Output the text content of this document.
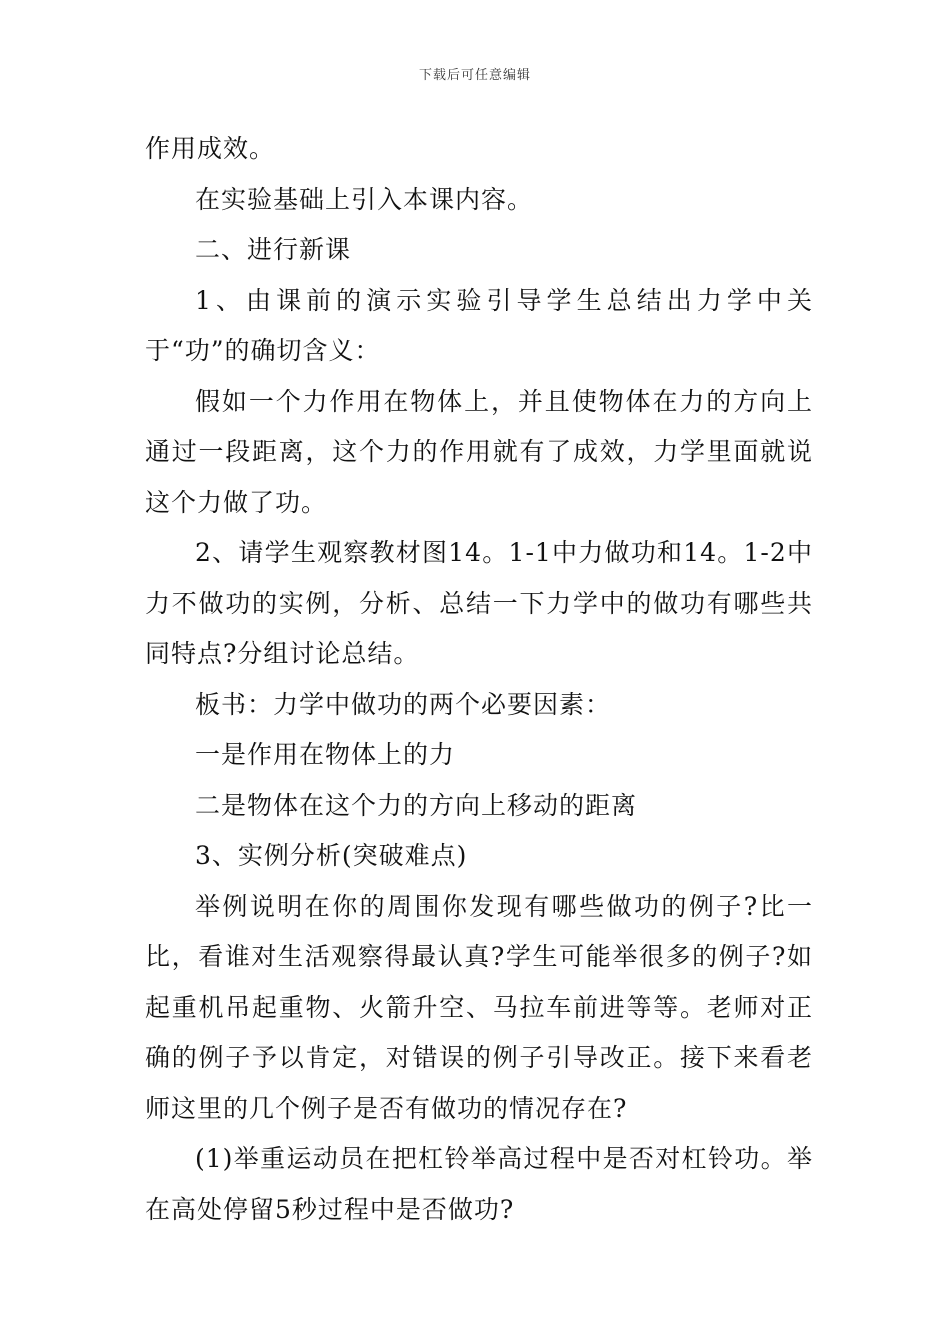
下载后可任意编辑

作用成效。

在实验基础上引入本课内容。

二、进行新课

1、由课前的演示实验引导学生总结出力学中关于“功”的确切含义：

假如一个力作用在物体上，并且使物体在力的方向上通过一段距离，这个力的作用就有了成效，力学里面就说这个力做了功。

2、请学生观察教材图14。1-1中力做功和14。1-2中力不做功的实例，分析、总结一下力学中的做功有哪些共同特点?分组讨论总结。

板书：力学中做功的两个必要因素：

一是作用在物体上的力

二是物体在这个力的方向上移动的距离

3、实例分析(突破难点)

举例说明在你的周围你发现有哪些做功的例子?比一比，看谁对生活观察得最认真?学生可能举很多的例子?如起重机吊起重物、火箭升空、马拉车前进等等。老师对正确的例子予以肯定，对错误的例子引导改正。接下来看老师这里的几个例子是否有做功的情况存在?

(1)举重运动员在把杠铃举高过程中是否对杠铃功。举在高处停留5秒过程中是否做功?
